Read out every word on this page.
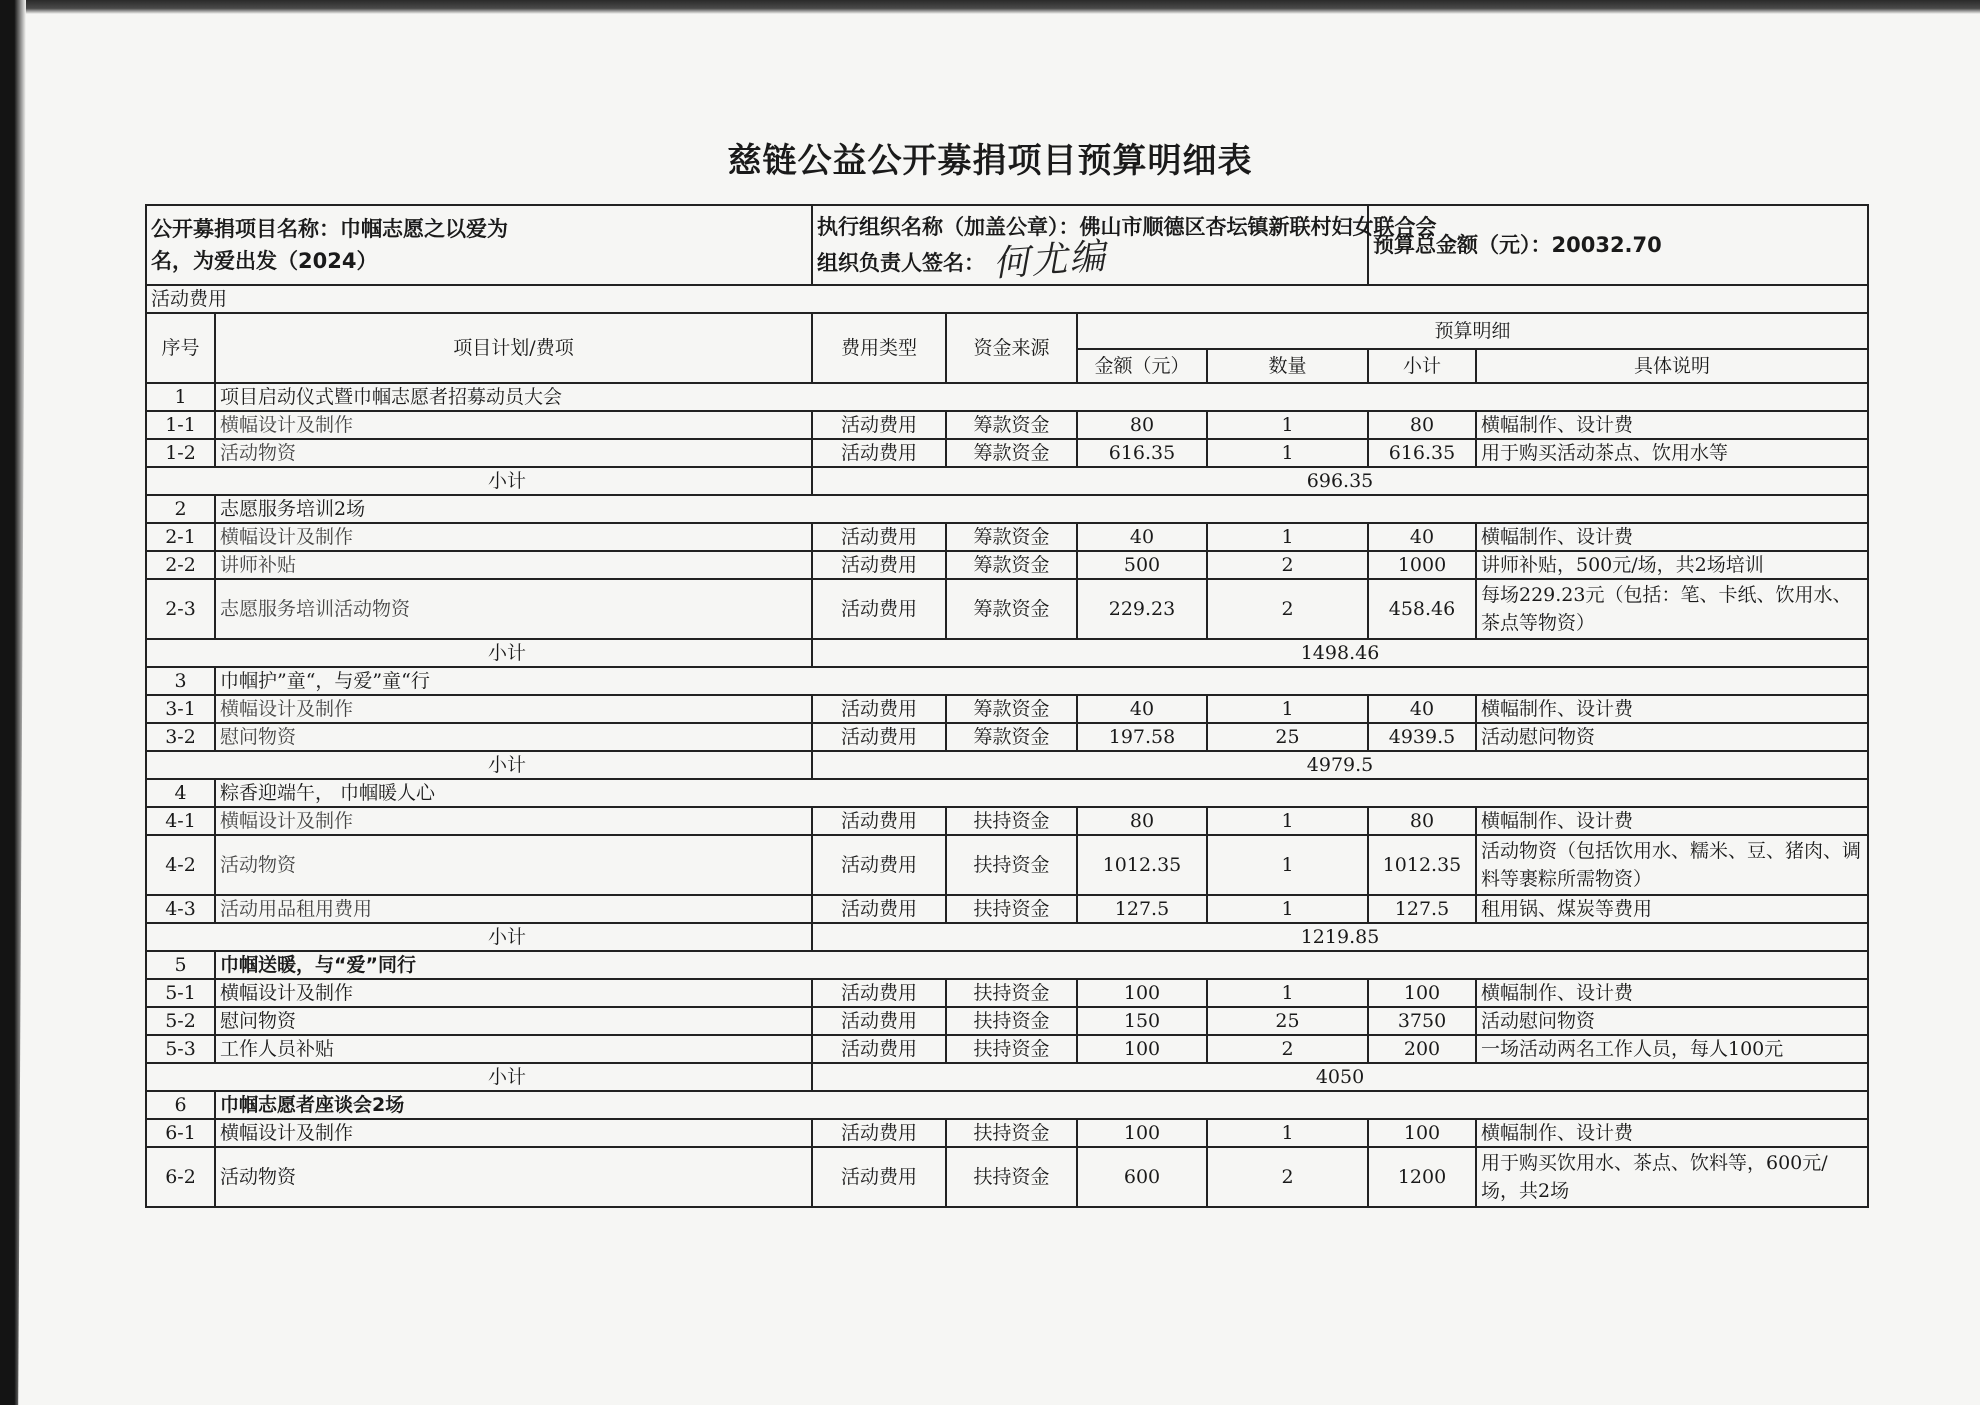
慈链公益公开募捐项目预算明细表
公开募捐项目名称：巾帼志愿之以爱为
名，为爱出发（2024）		执行组织名称（加盖公章）：佛山市顺德区杏坛镇新联村妇女联合会
组织负责人签名： 何尤编				预算总金额（元）：20032.70	
活动费用							
序号	项目计划/费项	费用类型	资金来源	预算明细			
				金额（元）	数量	小计	具体说明
1	项目启动仪式暨巾帼志愿者招募动员大会						
1-1	横幅设计及制作	活动费用	筹款资金	80	1	80	横幅制作、设计费
1-2	活动物资	活动费用	筹款资金	616.35	1	616.35	用于购买活动茶点、饮用水等
小计		696.35					
2	志愿服务培训2场						
2-1	横幅设计及制作	活动费用	筹款资金	40	1	40	横幅制作、设计费
2-2	讲师补贴	活动费用	筹款资金	500	2	1000	讲师补贴，500元/场，共2场培训
2-3	志愿服务培训活动物资	活动费用	筹款资金	229.23	2	458.46	每场229.23元（包括：笔、卡纸、饮用水、茶点等物资）
小计		1498.46					
3	巾帼护”童“，与爱”童“行						
3-1	横幅设计及制作	活动费用	筹款资金	40	1	40	横幅制作、设计费
3-2	慰问物资	活动费用	筹款资金	197.58	25	4939.5	活动慰问物资
小计		4979.5					
4	粽香迎端午， 巾帼暖人心						
4-1	横幅设计及制作	活动费用	扶持资金	80	1	80	横幅制作、设计费
4-2	活动物资	活动费用	扶持资金	1012.35	1	1012.35	活动物资（包括饮用水、糯米、豆、猪肉、调料等裹粽所需物资）
4-3	活动用品租用费用	活动费用	扶持资金	127.5	1	127.5	租用锅、煤炭等费用
小计		1219.85					
5	巾帼送暖，与“爱”同行						
5-1	横幅设计及制作	活动费用	扶持资金	100	1	100	横幅制作、设计费
5-2	慰问物资	活动费用	扶持资金	150	25	3750	活动慰问物资
5-3	工作人员补贴	活动费用	扶持资金	100	2	200	一场活动两名工作人员，每人100元
小计		4050					
6	巾帼志愿者座谈会2场						
6-1	横幅设计及制作	活动费用	扶持资金	100	1	100	横幅制作、设计费
6-2	活动物资	活动费用	扶持资金	600	2	1200	用于购买饮用水、茶点、饮料等，600元/场，共2场
